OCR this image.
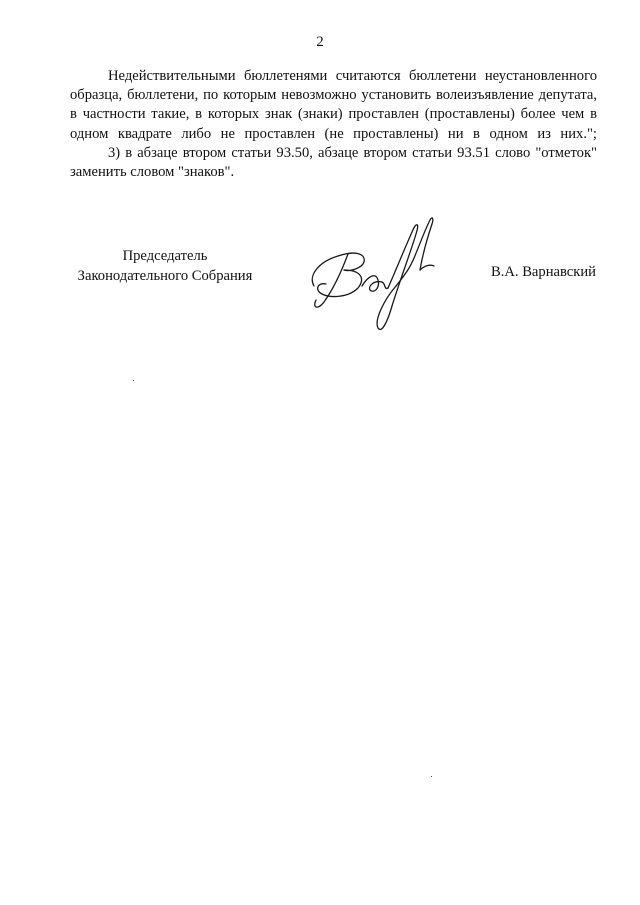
2

Недействительными бюллетенями считаются бюллетени неустановленного образца, бюллетени, по которым невозможно установить волеизъявление депутата, в частности такие, в которых знак (знаки) проставлен (проставлены) более чем в одном квадрате либо не проставлен (не проставлены) ни в одном из них.";

3) в абзаце втором статьи 93.50, абзаце втором статьи 93.51 слово "отметок" заменить словом "знаков".

Председатель
Законодательного Собрания	В.А. Варнавский
